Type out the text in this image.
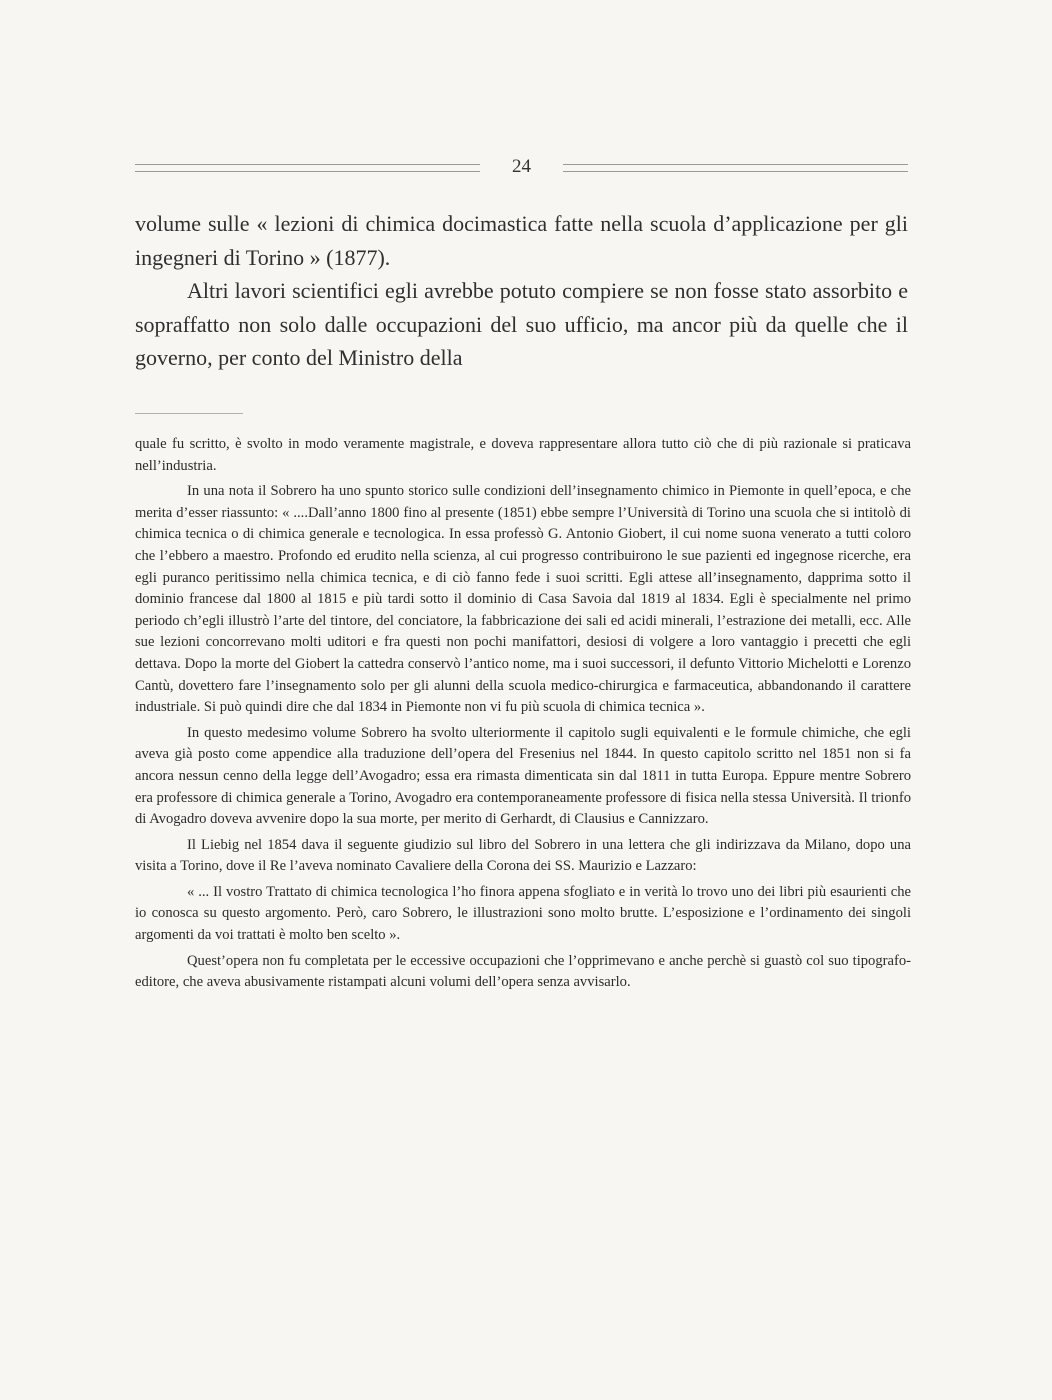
24

volume sulle « lezioni di chimica docimastica fatte nella scuola d’applicazione per gli ingegneri di Torino » (1877).

Altri lavori scientifici egli avrebbe potuto compiere se non fosse stato assorbito e sopraffatto non solo dalle occupazioni del suo ufficio, ma ancor più da quelle che il governo, per conto del Ministro della

quale fu scritto, è svolto in modo veramente magistrale, e doveva rappresentare allora tutto ciò che di più razionale si praticava nell’industria.

In una nota il Sobrero ha uno spunto storico sulle condizioni dell’insegnamento chimico in Piemonte in quell’epoca, e che merita d’esser riassunto: « ....Dall’anno 1800 fino al presente (1851) ebbe sempre l’Università di Torino una scuola che si intitolò di chimica tecnica o di chimica generale e tecnologica. In essa professò G. Antonio Giobert, il cui nome suona venerato a tutti coloro che l’ebbero a maestro. Profondo ed erudito nella scienza, al cui progresso contribuirono le sue pazienti ed ingegnose ricerche, era egli puranco peritissimo nella chimica tecnica, e di ciò fanno fede i suoi scritti. Egli attese all’insegnamento, dapprima sotto il dominio francese dal 1800 al 1815 e più tardi sotto il dominio di Casa Savoia dal 1819 al 1834. Egli è specialmente nel primo periodo ch’egli illustrò l’arte del tintore, del conciatore, la fabbricazione dei sali ed acidi minerali, l’estrazione dei metalli, ecc. Alle sue lezioni concorrevano molti uditori e fra questi non pochi manifattori, desiosi di volgere a loro vantaggio i precetti che egli dettava. Dopo la morte del Giobert la cattedra conservò l’antico nome, ma i suoi successori, il defunto Vittorio Michelotti e Lorenzo Cantù, dovettero fare l’insegnamento solo per gli alunni della scuola medico-chirurgica e farmaceutica, abbandonando il carattere industriale. Si può quindi dire che dal 1834 in Piemonte non vi fu più scuola di chimica tecnica ».

In questo medesimo volume Sobrero ha svolto ulteriormente il capitolo sugli equivalenti e le formule chimiche, che egli aveva già posto come appendice alla traduzione dell’opera del Fresenius nel 1844. In questo capitolo scritto nel 1851 non si fa ancora nessun cenno della legge dell’Avogadro; essa era rimasta dimenticata sin dal 1811 in tutta Europa. Eppure mentre Sobrero era professore di chimica generale a Torino, Avogadro era contemporaneamente professore di fisica nella stessa Università. Il trionfo di Avogadro doveva avvenire dopo la sua morte, per merito di Gerhardt, di Clausius e Cannizzaro.

Il Liebig nel 1854 dava il seguente giudizio sul libro del Sobrero in una lettera che gli indirizzava da Milano, dopo una visita a Torino, dove il Re l’aveva nominato Cavaliere della Corona dei SS. Maurizio e Lazzaro:

« ... Il vostro Trattato di chimica tecnologica l’ho finora appena sfogliato e in verità lo trovo uno dei libri più esaurienti che io conosca su questo argomento. Però, caro Sobrero, le illustrazioni sono molto brutte. L’esposizione e l’ordinamento dei singoli argomenti da voi trattati è molto ben scelto ».

Quest’opera non fu completata per le eccessive occupazioni che l’opprimevano e anche perchè si guastò col suo tipografo-editore, che aveva abusivamente ristampati alcuni volumi dell’opera senza avvisarlo.
